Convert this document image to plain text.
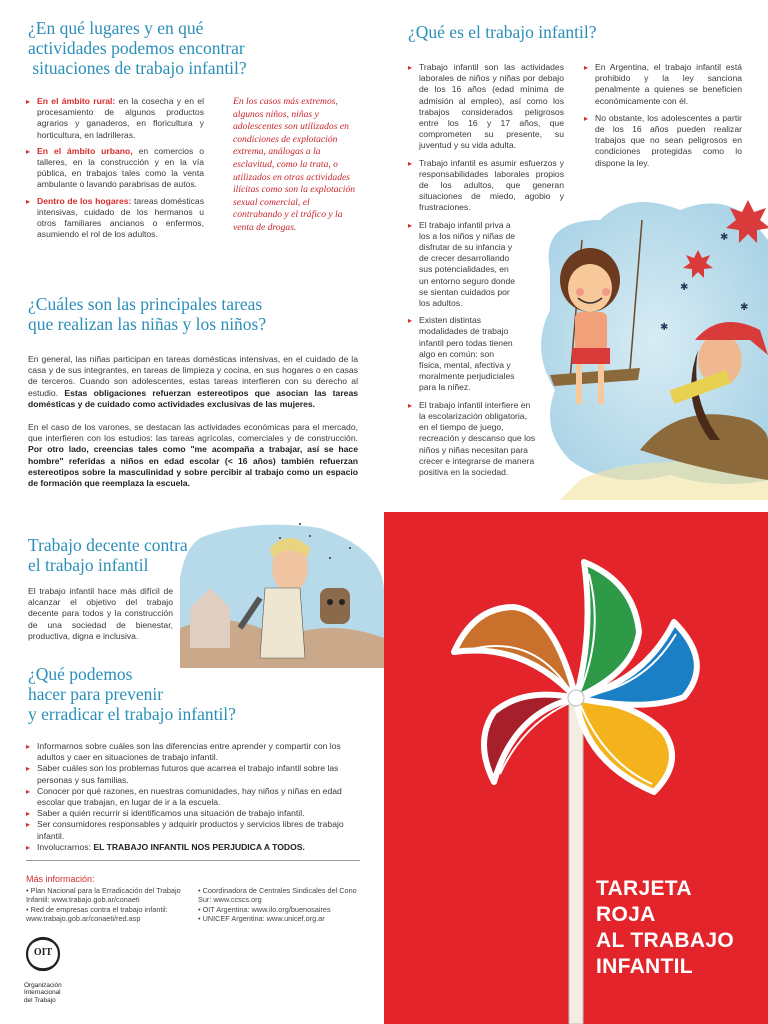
¿En qué lugares y en qué
actividades podemos encontrar
situaciones de trabajo infantil?
▸ En el ámbito rural: en la cosecha y en el procesamiento de algunos productos agrarios y ganaderos, en floricultura y horticultura, en ladrilleras.
▸ En el ámbito urbano, en comercios o talleres, en la construcción y en la vía pública, en trabajos tales como la venta ambulante o lavando parabrisas de autos.
▸ Dentro de los hogares: tareas domésticas intensivas, cuidado de los hermanos u otros familiares ancianos o enfermos, asumiendo el rol de los adultos.
En los casos más extremos, algunos niños, niñas y adolescentes son utilizados en condiciones de explotación extrema, análogas a la esclavitud, como la trata, o utilizados en otras actividades ilícitas como son la explotación sexual comercial, el contrabando y el tráfico y la venta de drogas.
¿Cuáles son las principales tareas
que realizan las niñas y los niños?

En general, las niñas participan en tareas domésticas intensivas, en el cuidado de la casa y de sus integrantes, en tareas de limpieza y cocina, en sus hogares o en casas de terceros. Cuando son adolescentes, estas tareas interfieren con su derecho al estudio. Estas obligaciones refuerzan estereotipos que asocian las tareas domésticas y de cuidado como actividades exclusivas de las mujeres.

En el caso de los varones, se destacan las actividades económicas para el mercado, que interfieren con los estudios: las tareas agrícolas, comerciales y de construcción. Por otro lado, creencias tales como "me acompaña a trabajar, así se hace hombre" referidas a niños en edad escolar (< 16 años) también refuerzan estereotipos sobre la masculinidad y sobre percibir al trabajo como un espacio de formación que reemplaza la escuela.

¿Qué es el trabajo infantil?
▸ Trabajo infantil son las actividades laborales de niños y niñas por debajo de los 16 años (edad mínima de admisión al empleo), así como los trabajos considerados peligrosos entre los 16 y 17 años, que comprometen su presente, su juventud y su vida adulta.
▸ Trabajo infantil es asumir esfuerzos y responsabilidades laborales propios de los adultos, que generan situaciones de miedo, agobio y frustraciones.
▸ El trabajo infantil priva a los a los niños y niñas de disfrutar de su infancia y de crecer desarrollando sus potencialidades, en un entorno seguro donde se sientan cuidados por los adultos.
▸ Existen distintas modalidades de trabajo infantil pero todas tienen algo en común: son física, mental, afectiva y moralmente perjudiciales para la niñez.
▸ El trabajo infantil interfiere en la escolarización obligatoria, en el tiempo de juego, recreación y descanso que los niños y niñas necesitan para crecer e integrarse de manera positiva en la sociedad.
▸ En Argentina, el trabajo infantil está prohibido y la ley sanciona penalmente a quienes se beneficien económicamente con él.
▸ No obstante, los adolescentes a partir de los 16 años pueden realizar trabajos que no sean peligrosos en condiciones protegidas como lo dispone la ley.
✱
✱
✱
✱
Trabajo decente contra
el trabajo infantil

El trabajo infantil hace más difícil de alcanzar el objetivo del trabajo decente para todos y la construcción de una sociedad de bienestar, productiva, digna e inclusiva.

¿Qué podemos
hacer para prevenir
y erradicar el trabajo infantil?
▸ Informarnos sobre cuáles son las diferencias entre aprender y compartir con los adultos y caer en situaciones de trabajo infantil.
▸ Saber cuáles son los problemas futuros que acarrea el trabajo infantil sobre las personas y sus familias.
▸ Conocer por qué razones, en nuestras comunidades, hay niños y niñas en edad escolar que trabajan, en lugar de ir a la escuela.
▸ Saber a quién recurrir si identificamos una situación de trabajo infantil.
▸ Ser consumidores responsables y adquirir productos y servicios libres de trabajo infantil.
▸ Involucrarnos: EL TRABAJO INFANTIL NOS PERJUDICA A TODOS.
Más información:
• Plan Nacional para la Erradicación del Trabajo Infantil: www.trabajo.gob.ar/conaeti
• Red de empresas contra el trabajo infantil: www.trabajo.gob.ar/conaeti/red.asp
• Coordinadora de Centrales Sindicales del Cono Sur: www.ccscs.org
• OIT Argentina: www.ilo.org/buenosaires
• UNICEF Argentina: www.unicef.org.ar
OIT
Organización
Internacional
del Trabajo
TARJETA
ROJA
AL TRABAJO
INFANTIL
